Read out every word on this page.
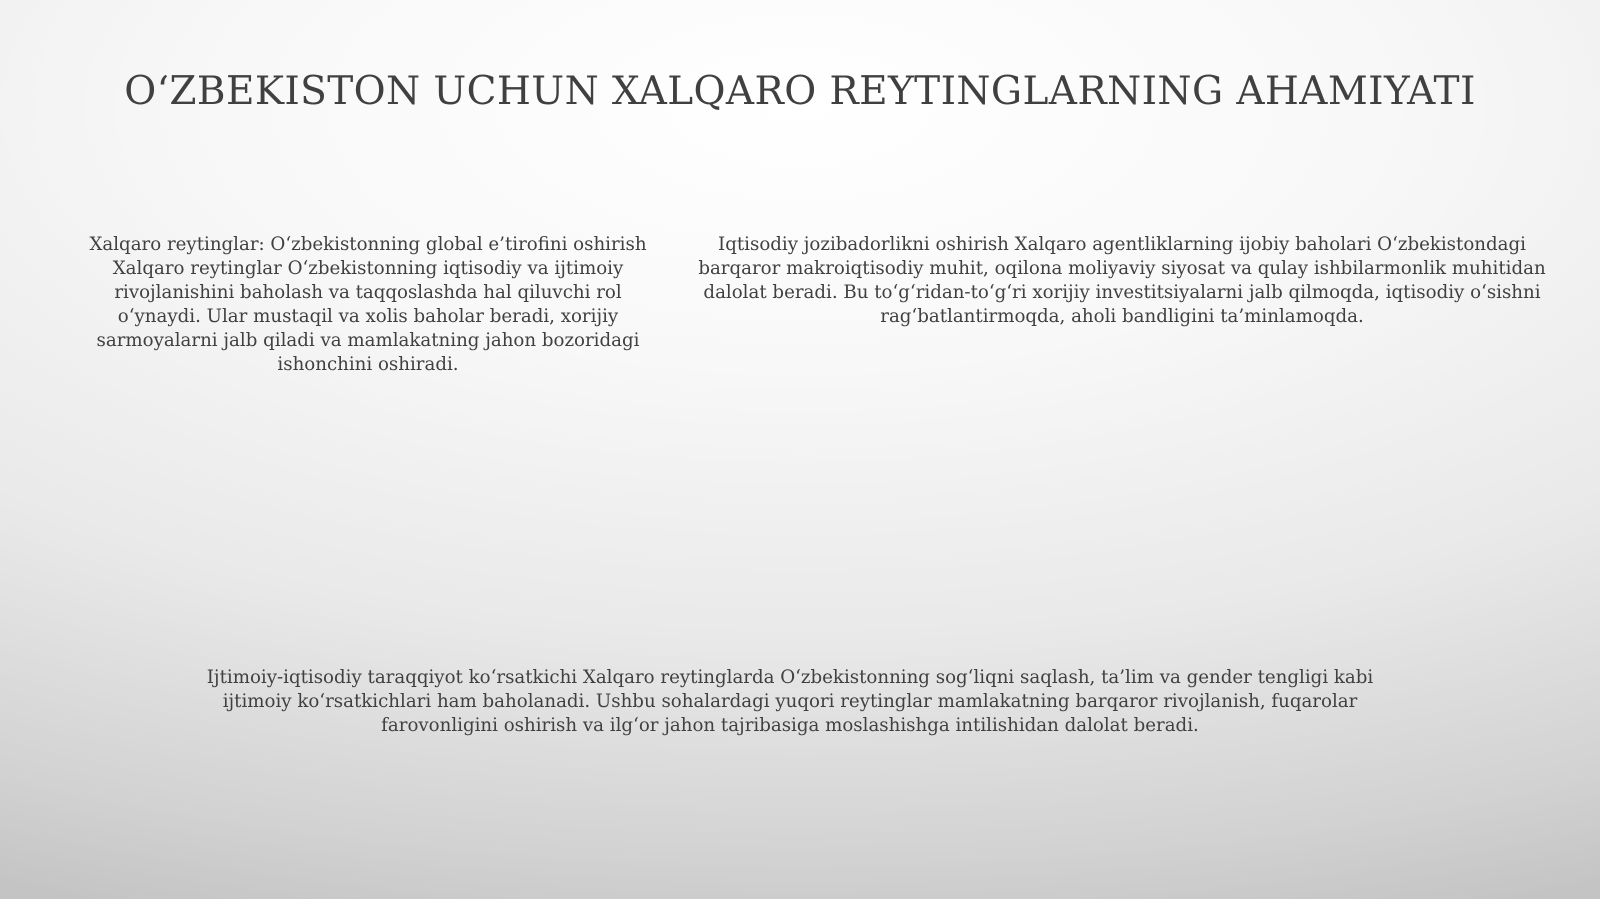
O‘ZBEKISTON UCHUN XALQARO REYTINGLARNING AHAMIYATI

Xalqaro reytinglar: O‘zbekistonning global e’tirofini oshirish Xalqaro reytinglar O‘zbekistonning iqtisodiy va ijtimoiy rivojlanishini baholash va taqqoslashda hal qiluvchi rol o‘ynaydi. Ular mustaqil va xolis baholar beradi, xorijiy sarmoyalarni jalb qiladi va mamlakatning jahon bozoridagi ishonchini oshiradi.

Iqtisodiy jozibadorlikni oshirish Xalqaro agentliklarning ijobiy baholari O‘zbekistondagi barqaror makroiqtisodiy muhit, oqilona moliyaviy siyosat va qulay ishbilarmonlik muhitidan dalolat beradi. Bu to‘g‘ridan-to‘g‘ri xorijiy investitsiyalarni jalb qilmoqda, iqtisodiy o‘sishni rag‘batlantirmoqda, aholi bandligini ta’minlamoqda.

Ijtimoiy-iqtisodiy taraqqiyot ko‘rsatkichi Xalqaro reytinglarda O‘zbekistonning sog‘liqni saqlash, ta’lim va gender tengligi kabi ijtimoiy ko‘rsatkichlari ham baholanadi. Ushbu sohalardagi yuqori reytinglar mamlakatning barqaror rivojlanish, fuqarolar farovonligini oshirish va ilg‘or jahon tajribasiga moslashishga intilishidan dalolat beradi.
